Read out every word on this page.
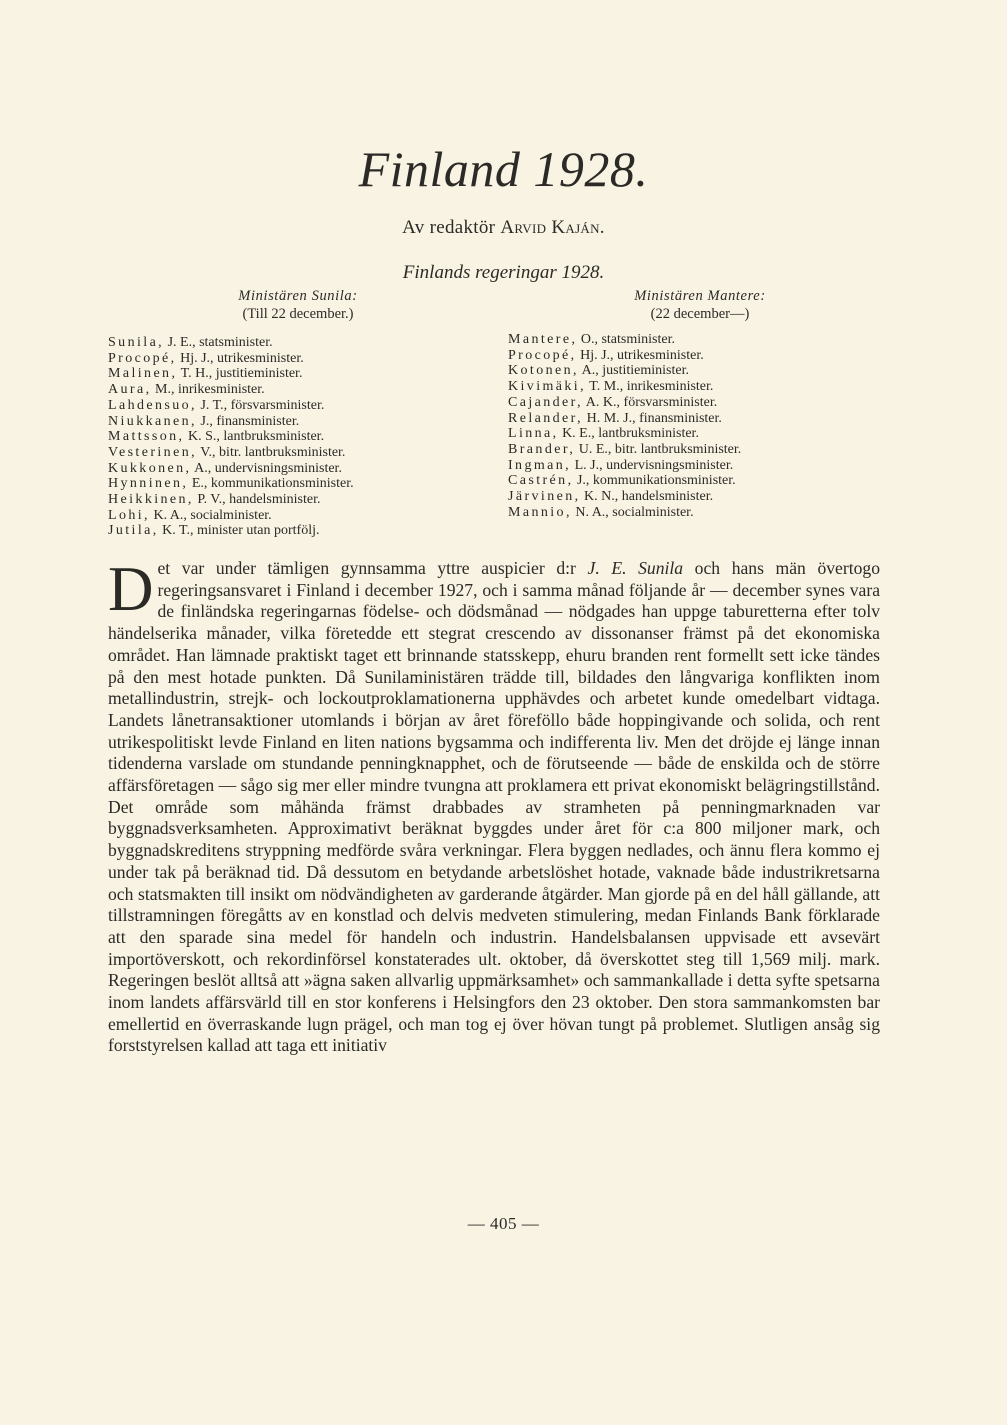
Finland 1928.
Av redaktör Arvid Kaján.
Finlands regeringar 1928.
Ministären Sunila:
(Till 22 december.)
Ministären Mantere:
(22 december—)
Sunila, J. E., statsminister.
Procopé, Hj. J., utrikesminister.
Malinen, T. H., justitieminister.
Aura, M., inrikesminister.
Lahdensuo, J. T., försvarsminister.
Niukkanen, J., finansminister.
Mattsson, K. S., lantbruksminister.
Vesterinen, V., bitr. lantbruksminister.
Kukkonen, A., undervisningsminister.
Hynninen, E., kommunikationsminister.
Heikkinen, P. V., handelsminister.
Lohi, K. A., socialminister.
Jutila, K. T., minister utan portfölj.
Mantere, O., statsminister.
Procopé, Hj. J., utrikesminister.
Kotonen, A., justitieminister.
Kivimäki, T. M., inrikesminister.
Cajander, A. K., försvarsminister.
Relander, H. M. J., finansminister.
Linna, K. E., lantbruksminister.
Brander, U. E., bitr. lantbruksminister.
Ingman, L. J., undervisningsminister.
Castrén, J., kommunikationsminister.
Järvinen, K. N., handelsminister.
Mannio, N. A., socialminister.
Det var under tämligen gynnsamma yttre auspicier d:r J. E. Sunila och hans män övertogo regeringsansvaret i Finland i december 1927, och i samma månad följande år — december synes vara de finländska regeringarnas födelse- och dödsmånad — nödgades han uppge taburetterna efter tolv händelserika månader, vilka företedde ett stegrat crescendo av dissonanser främst på det ekonomiska området. Han lämnade praktiskt taget ett brinnande statsskepp, ehuru branden rent formellt sett icke tändes på den mest hotade punkten. Då Sunilaministären trädde till, bildades den långvariga konflikten inom metallindustrin, strejk- och lockoutproklamationerna upphävdes och arbetet kunde omedelbart vidtaga. Landets lånetransaktioner utomlands i början av året föreföllo både hoppingivande och solida, och rent utrikespolitiskt levde Finland en liten nations bygsamma och indifferenta liv. Men det dröjde ej länge innan tidenderna varslade om stundande penningknapphet, och de förutseende — både de enskilda och de större affärsföretagen — sågo sig mer eller mindre tvungna att proklamera ett privat ekonomiskt belägringstillstånd. Det område som måhända främst drabbades av stramheten på penningmarknaden var byggnadsverksamheten. Approximativt beräknat byggdes under året för c:a 800 miljoner mark, och byggnadskreditens stryppning medförde svåra verkningar. Flera byggen nedlades, och ännu flera kommo ej under tak på beräknad tid. Då dessutom en betydande arbetslöshet hotade, vaknade både industrikretsarna och statsmakten till insikt om nödvändigheten av garderande åtgärder. Man gjorde på en del håll gällande, att tillstramningen föregåtts av en konstlad och delvis medveten stimulering, medan Finlands Bank förklarade att den sparade sina medel för handeln och industrin. Handelsbalansen uppvisade ett avsevärt importöverskott, och rekordinförsel konstaterades ult. oktober, då överskottet steg till 1,569 milj. mark. Regeringen beslöt alltså att »ägna saken allvarlig uppmärksamhet» och sammankallade i detta syfte spetsarna inom landets affärsvärld till en stor konferens i Helsingfors den 23 oktober. Den stora sammankomsten bar emellertid en överraskande lugn prägel, och man tog ej över hövan tungt på problemet. Slutligen ansåg sig forststyrelsen kallad att taga ett initiativ
— 405 —
